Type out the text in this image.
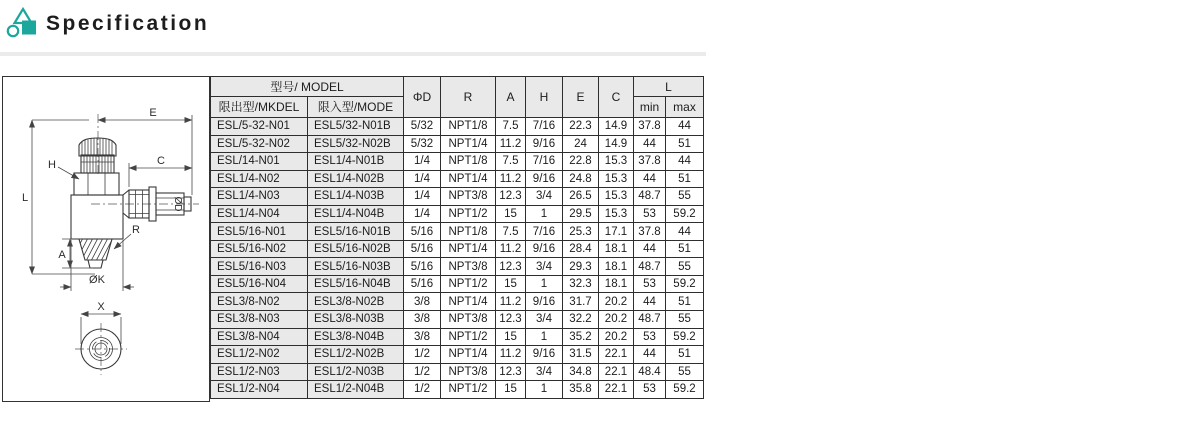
Specification
E
C
H
L
A
R
ØK
ØD
X
型号/ MODEL		ΦD	R	A	H	E	C	L	
限出型/MKDEL	限入型/MODE							min	max
ESL/5-32-N01	ESL5/32-N01B	5/32	NPT1/8	7.5	7/16	22.3	14.9	37.8	44
ESL/5-32-N02	ESL5/32-N02B	5/32	NPT1/4	11.2	9/16	24	14.9	44	51
ESL/14-N01	ESL1/4-N01B	1/4	NPT1/8	7.5	7/16	22.8	15.3	37.8	44
ESL1/4-N02	ESL1/4-N02B	1/4	NPT1/4	11.2	9/16	24.8	15.3	44	51
ESL1/4-N03	ESL1/4-N03B	1/4	NPT3/8	12.3	3/4	26.5	15.3	48.7	55
ESL1/4-N04	ESL1/4-N04B	1/4	NPT1/2	15	1	29.5	15.3	53	59.2
ESL5/16-N01	ESL5/16-N01B	5/16	NPT1/8	7.5	7/16	25.3	17.1	37.8	44
ESL5/16-N02	ESL5/16-N02B	5/16	NPT1/4	11.2	9/16	28.4	18.1	44	51
ESL5/16-N03	ESL5/16-N03B	5/16	NPT3/8	12.3	3/4	29.3	18.1	48.7	55
ESL5/16-N04	ESL5/16-N04B	5/16	NPT1/2	15	1	32.3	18.1	53	59.2
ESL3/8-N02	ESL3/8-N02B	3/8	NPT1/4	11.2	9/16	31.7	20.2	44	51
ESL3/8-N03	ESL3/8-N03B	3/8	NPT3/8	12.3	3/4	32.2	20.2	48.7	55
ESL3/8-N04	ESL3/8-N04B	3/8	NPT1/2	15	1	35.2	20.2	53	59.2
ESL1/2-N02	ESL1/2-N02B	1/2	NPT1/4	11.2	9/16	31.5	22.1	44	51
ESL1/2-N03	ESL1/2-N03B	1/2	NPT3/8	12.3	3/4	34.8	22.1	48.4	55
ESL1/2-N04	ESL1/2-N04B	1/2	NPT1/2	15	1	35.8	22.1	53	59.2
